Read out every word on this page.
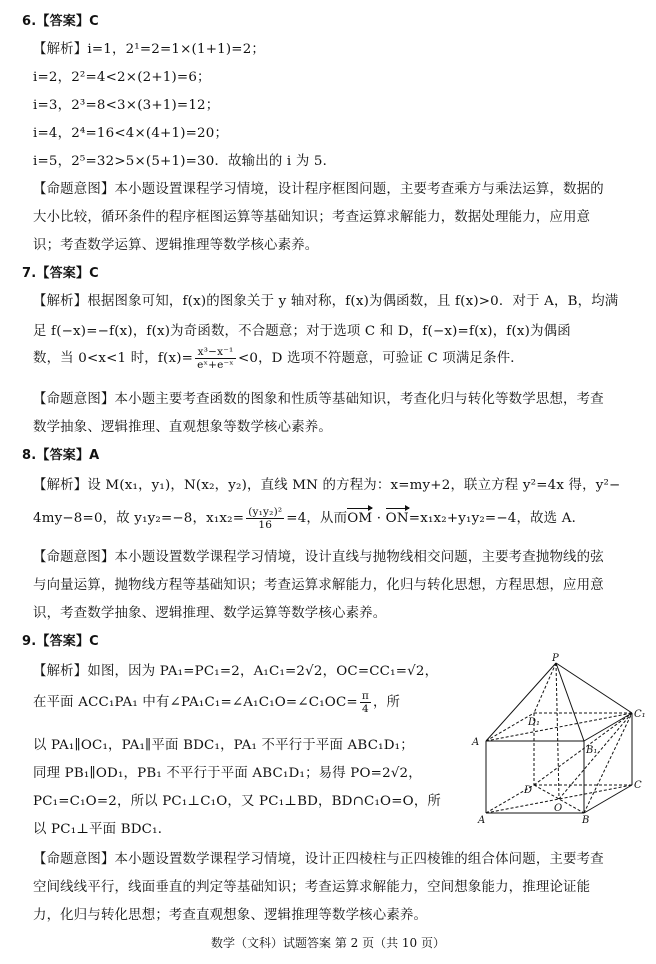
6.【答案】C
【解析】i=1，2¹=2=1×(1+1)=2；
i=2，2²=4<2×(2+1)=6；
i=3，2³=8<3×(3+1)=12；
i=4，2⁴=16<4×(4+1)=20；
i=5，2⁵=32>5×(5+1)=30．故输出的 i 为 5．
【命题意图】本小题设置课程学习情境，设计程序框图问题，主要考查乘方与乘法运算，数据的
大小比较，循环条件的程序框图运算等基础知识；考查运算求解能力，数据处理能力，应用意
识；考查数学运算、逻辑推理等数学核心素养。
7.【答案】C
【解析】根据图象可知，f(x)的图象关于 y 轴对称，f(x)为偶函数，且 f(x)>0．对于 A，B，均满
足 f(−x)=−f(x)，f(x)为奇函数，不合题意；对于选项 C 和 D，f(−x)=f(x)，f(x)为偶函
数，当 0<x<1 时，$f(x)= \frac{\text{x³−x⁻¹}}{\text{eˣ+e⁻ˣ}} <0$，D 选项不符题意，可验证 C 项满足条件．
【命题意图】本小题主要考查函数的图象和性质等基础知识，考查化归与转化等数学思想，考查
数学抽象、逻辑推理、直观想象等数学核心素养。
8.【答案】A
【解析】设 M(x₁，y₁)，N(x₂，y₂)，直线 MN 的方程为：x=my+2，联立方程 y²=4x 得，y²−
4my−8=0，故 y₁y₂=−8，$x_1x_2= \frac{\text{(y₁y₂)²}}{16} =4$，从而OM · ON=x₁x₂+y₁y₂=−4，故选 A．
【命题意图】本小题设置数学课程学习情境，设计直线与抛物线相交问题，主要考查抛物线的弦
与向量运算，抛物线方程等基础知识；考查运算求解能力，化归与转化思想，方程思想，应用意
识，考查数学抽象、逻辑推理、数学运算等数学核心素养。
9.【答案】C
【解析】如图，因为 PA₁=PC₁=2，A₁C₁=2√2，OC=CC₁=√2，
在平面 ACC₁PA₁ 中有∠PA₁C₁=∠A₁C₁O=∠C₁OC= $\frac{\pi}{4}$ ，所
以 PA₁∥OC₁，PA₁∥平面 BDC₁，PA₁ 不平行于平面 ABC₁D₁；
同理 PB₁∥OD₁，PB₁ 不平行于平面 ABC₁D₁；易得 PO=2√2，
PC₁=C₁O=2，所以 PC₁⊥C₁O，又 PC₁⊥BD，BD∩C₁O=O，所
以 PC₁⊥平面 BDC₁．
P
C₁
D₁
A
B₁
D	C
O
A	B
【命题意图】本小题设置数学课程学习情境，设计正四棱柱与正四棱锥的组合体问题，主要考查
空间线线平行，线面垂直的判定等基础知识；考查运算求解能力，空间想象能力，推理论证能
力，化归与转化思想；考查直观想象、逻辑推理等数学核心素养。
数学（文科）试题答案 第 2 页（共 10 页）
